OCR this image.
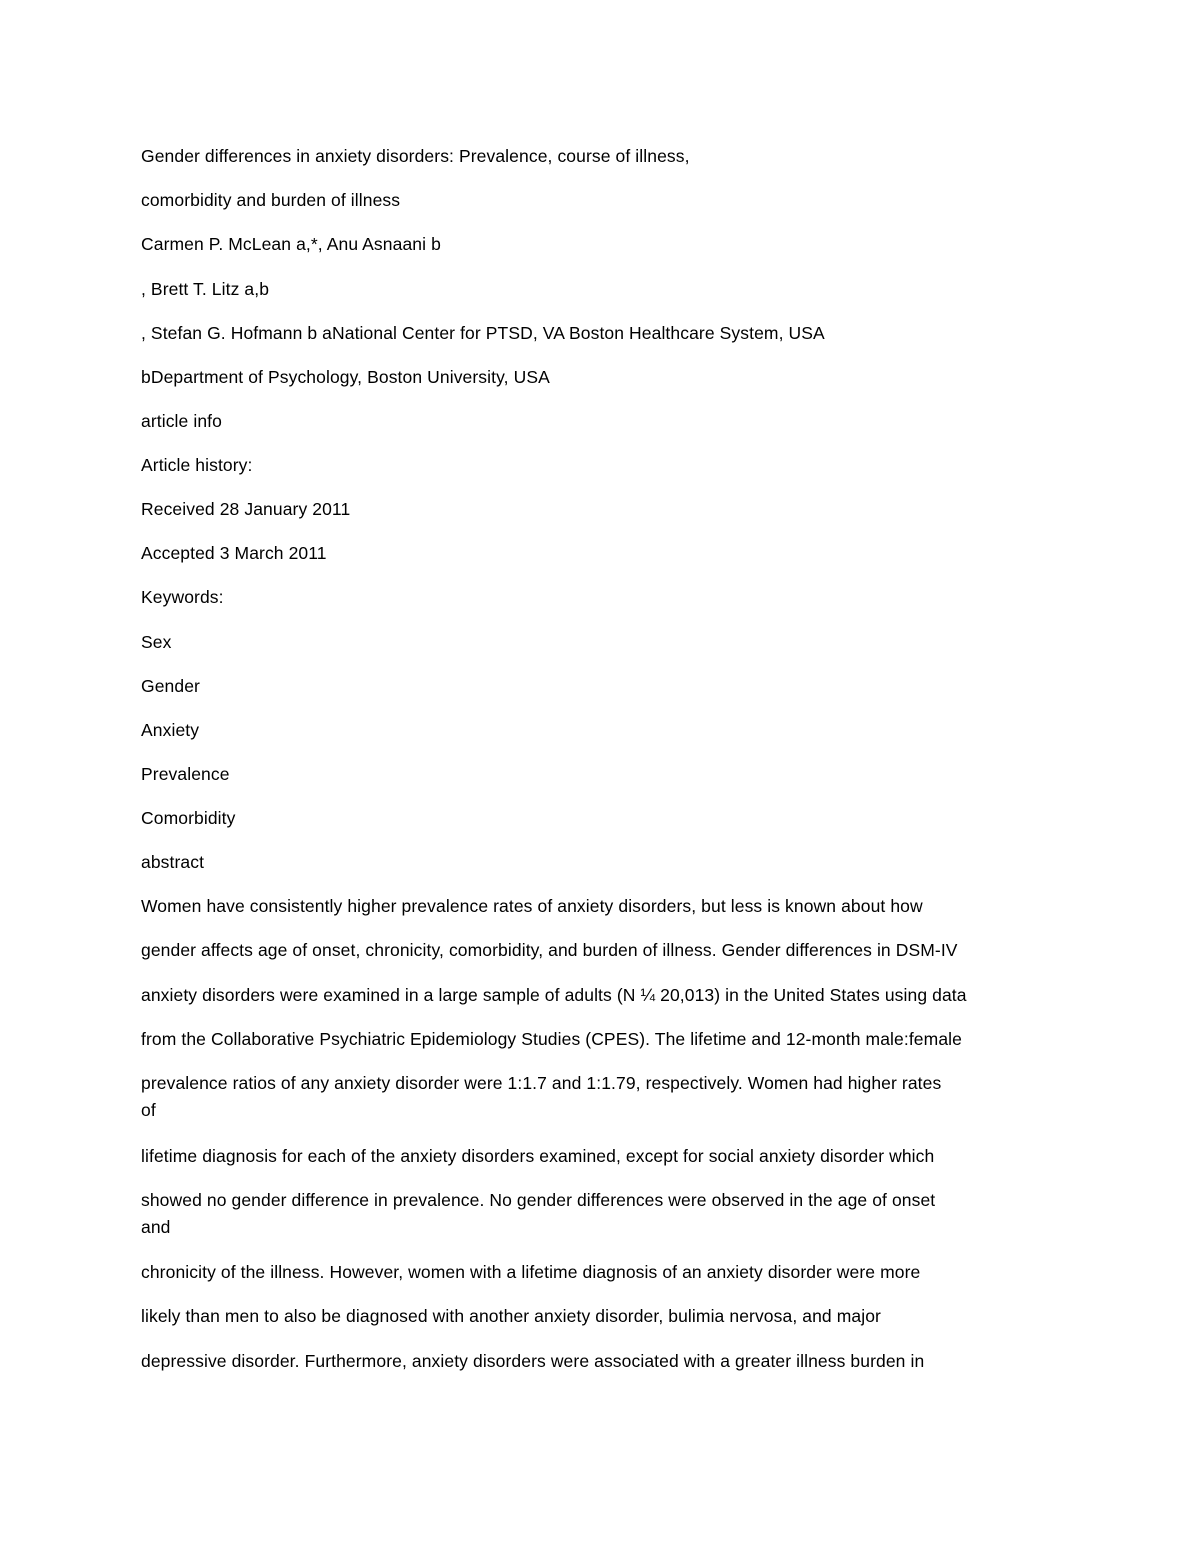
Gender differences in anxiety disorders: Prevalence, course of illness,
comorbidity and burden of illness
Carmen P. McLean a,*, Anu Asnaani b
, Brett T. Litz a,b
, Stefan G. Hofmann b aNational Center for PTSD, VA Boston Healthcare System, USA
bDepartment of Psychology, Boston University, USA
article info
Article history:
Received 28 January 2011
Accepted 3 March 2011
Keywords:
Sex
Gender
Anxiety
Prevalence
Comorbidity
abstract
Women have consistently higher prevalence rates of anxiety disorders, but less is known about how
gender affects age of onset, chronicity, comorbidity, and burden of illness. Gender differences in DSM-IV
anxiety disorders were examined in a large sample of adults (N ¼ 20,013) in the United States using data
from the Collaborative Psychiatric Epidemiology Studies (CPES). The lifetime and 12-month male:female
prevalence ratios of any anxiety disorder were 1:1.7 and 1:1.79, respectively. Women had higher rates
of
lifetime diagnosis for each of the anxiety disorders examined, except for social anxiety disorder which
showed no gender difference in prevalence. No gender differences were observed in the age of onset
and
chronicity of the illness. However, women with a lifetime diagnosis of an anxiety disorder were more
likely than men to also be diagnosed with another anxiety disorder, bulimia nervosa, and major
depressive disorder. Furthermore, anxiety disorders were associated with a greater illness burden in
